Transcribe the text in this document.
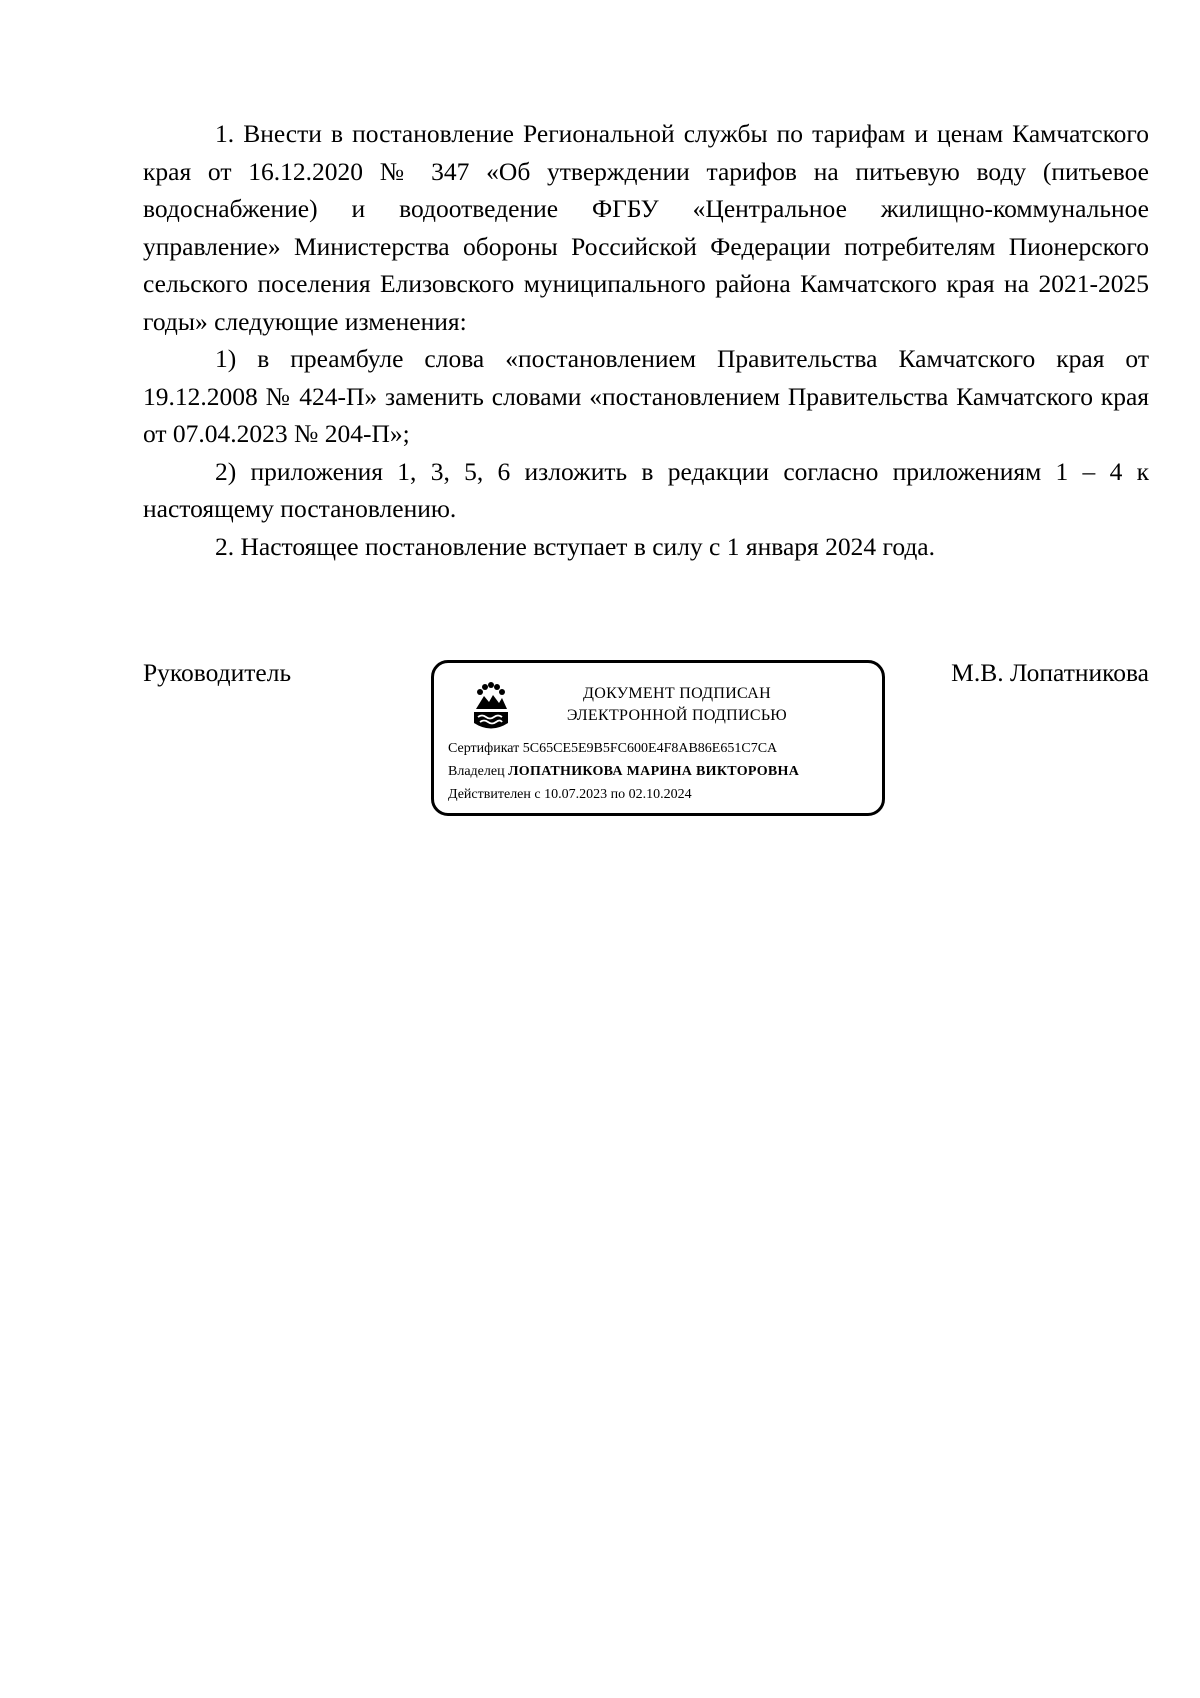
1. Внести в постановление Региональной службы по тарифам и ценам Камчатского края от 16.12.2020 № 347 «Об утверждении тарифов на питьевую воду (питьевое водоснабжение) и водоотведение ФГБУ «Центральное жилищно-коммунальное управление» Министерства обороны Российской Федерации потребителям Пионерского сельского поселения Елизовского муниципального района Камчатского края на 2021-2025 годы» следующие изменения:

1) в преамбуле слова «постановлением Правительства Камчатского края от 19.12.2008 № 424-П» заменить словами «постановлением Правительства Камчатского края от 07.04.2023 № 204-П»;

2) приложения 1, 3, 5, 6 изложить в редакции согласно приложениям 1 – 4 к настоящему постановлению.

2. Настоящее постановление вступает в силу с 1 января 2024 года.

Руководитель	М.В. Лопатникова
ДОКУМЕНТ ПОДПИСАН
ЭЛЕКТРОННОЙ ПОДПИСЬЮ
Сертификат 5C65CE5E9B5FC600E4F8AB86E651C7CA
Владелец ЛОПАТНИКОВА МАРИНА ВИКТОРОВНА
Действителен с 10.07.2023 по 02.10.2024
